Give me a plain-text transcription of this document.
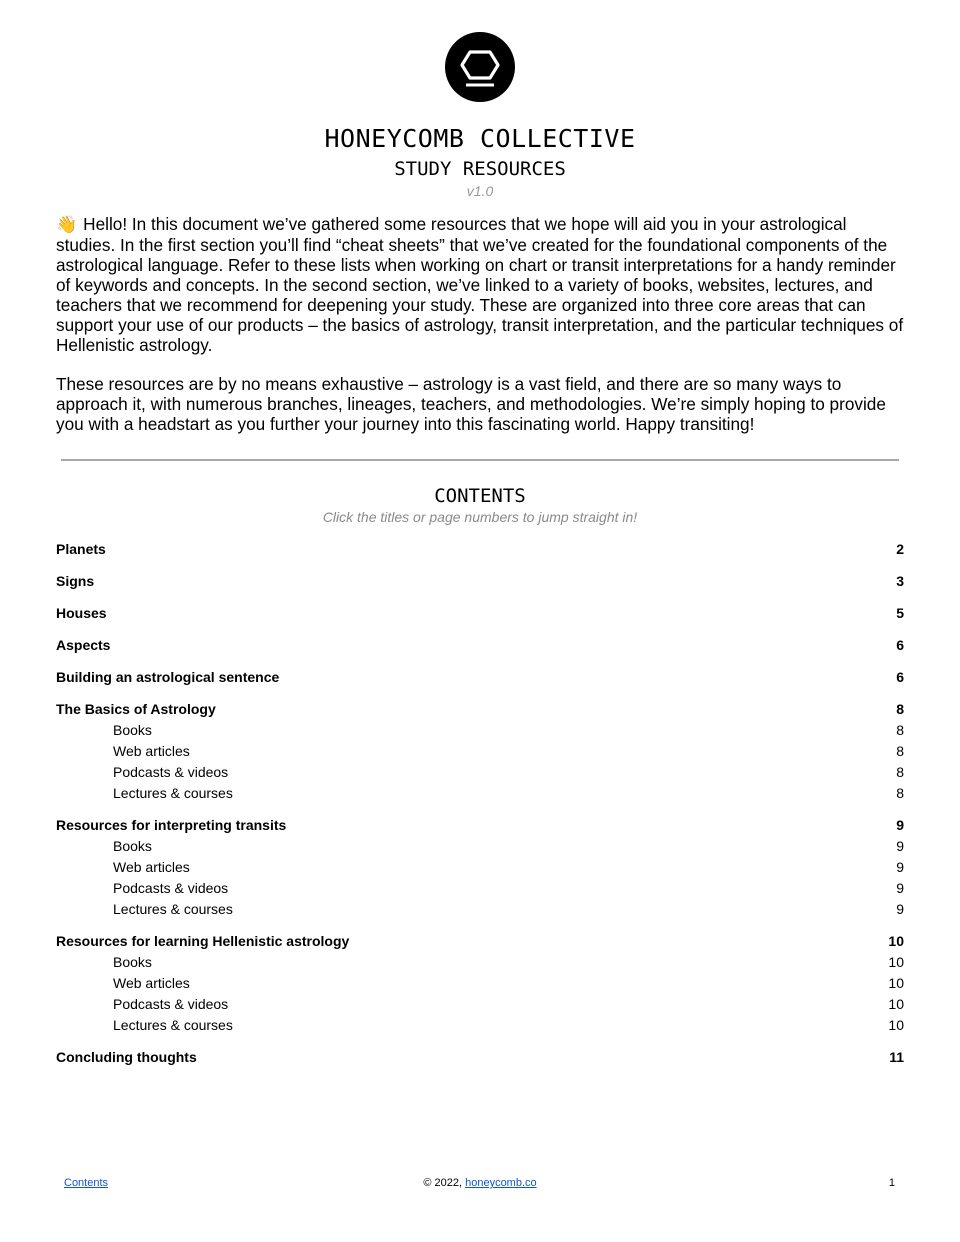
HONEYCOMB COLLECTIVE
STUDY RESOURCES
v1.0

👋 Hello! In this document we’ve gathered some resources that we hope will aid you in your astrological studies. In the first section you’ll find “cheat sheets” that we’ve created for the foundational components of the astrological language. Refer to these lists when working on chart or transit interpretations for a handy reminder of keywords and concepts. In the second section, we’ve linked to a variety of books, websites, lectures, and teachers that we recommend for deepening your study. These are organized into three core areas that can support your use of our products – the basics of astrology, transit interpretation, and the particular techniques of Hellenistic astrology.

These resources are by no means exhaustive – astrology is a vast field, and there are so many ways to approach it, with numerous branches, lineages, teachers, and methodologies. We’re simply hoping to provide you with a headstart as you further your journey into this fascinating world. Happy transiting!

CONTENTS
Click the titles or page numbers to jump straight in!
Planets	2
Signs	3
Houses	5
Aspects	6
Building an astrological sentence	6
The Basics of Astrology	8
Books	8
Web articles	8
Podcasts & videos	8
Lectures & courses	8
Resources for interpreting transits	9
Books	9
Web articles	9
Podcasts & videos	9
Lectures & courses	9
Resources for learning Hellenistic astrology	10
Books	10
Web articles	10
Podcasts & videos	10
Lectures & courses	10
Concluding thoughts	11
Contents	© 2022, honeycomb.co	1
